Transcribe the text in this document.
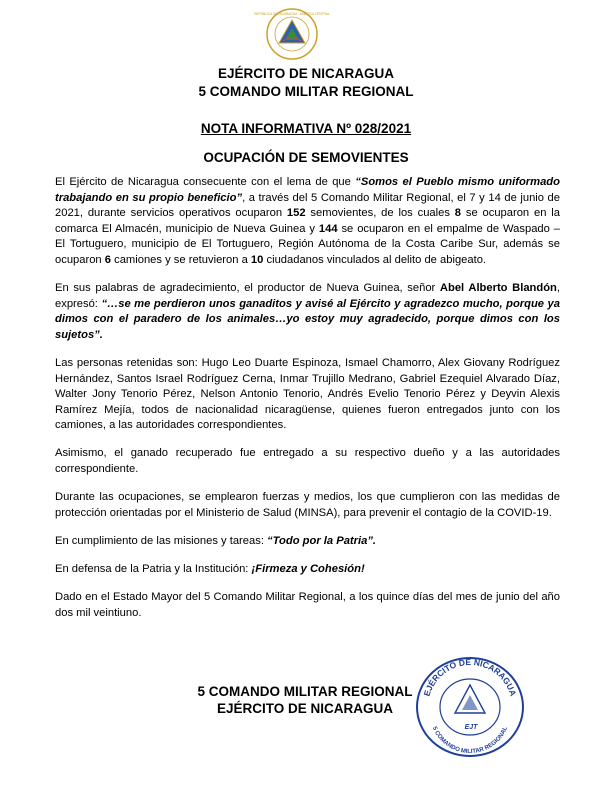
REPÚBLICA DE NICARAGUA · AMÉRICA CENTRAL
EJÉRCITO DE NICARAGUA
5 COMANDO MILITAR REGIONAL
NOTA INFORMATIVA Nº 028/2021
OCUPACIÓN DE SEMOVIENTES

El Ejército de Nicaragua consecuente con el lema de que “Somos el Pueblo mismo uniformado trabajando en su propio beneficio”, a través del 5 Comando Militar Regional, el 7 y 14 de junio de 2021, durante servicios operativos ocuparon 152 semovientes, de los cuales 8 se ocuparon en la comarca El Almacén, municipio de Nueva Guinea y 144 se ocuparon en el empalme de Waspado – El Tortuguero, municipio de El Tortuguero, Región Autónoma de la Costa Caribe Sur, además se ocuparon 6 camiones y se retuvieron a 10 ciudadanos vinculados al delito de abigeato.

En sus palabras de agradecimiento, el productor de Nueva Guinea, señor Abel Alberto Blandón, expresó: “…se me perdieron unos ganaditos y avisé al Ejército y agradezco mucho, porque ya dimos con el paradero de los animales…yo estoy muy agradecido, porque dimos con los sujetos”.

Las personas retenidas son: Hugo Leo Duarte Espinoza, Ismael Chamorro, Alex Giovany Rodríguez Hernández, Santos Israel Rodríguez Cerna, Inmar Trujillo Medrano, Gabriel Ezequiel Alvarado Díaz, Walter Jony Tenorio Pérez, Nelson Antonio Tenorio, Andrés Evelio Tenorio Pérez y Deyvin Alexis Ramírez Mejía, todos de nacionalidad nicaragüense, quienes fueron entregados junto con los camiones, a las autoridades correspondientes.

Asimismo, el ganado recuperado fue entregado a su respectivo dueño y a las autoridades correspondiente.

Durante las ocupaciones, se emplearon fuerzas y medios, los que cumplieron con las medidas de protección orientadas por el Ministerio de Salud (MINSA), para prevenir el contagio de la COVID-19.

En cumplimiento de las misiones y tareas: “Todo por la Patria”.

En defensa de la Patria y la Institución: ¡Firmeza y Cohesión!

Dado en el Estado Mayor del 5 Comando Militar Regional, a los quince días del mes de junio del año dos mil veintiuno.

5 COMANDO MILITAR REGIONAL
EJÉRCITO DE NICARAGUA
EJÉRCITO DE NICARAGUA
5 COMANDO MILITAR REGIONAL
EJT
